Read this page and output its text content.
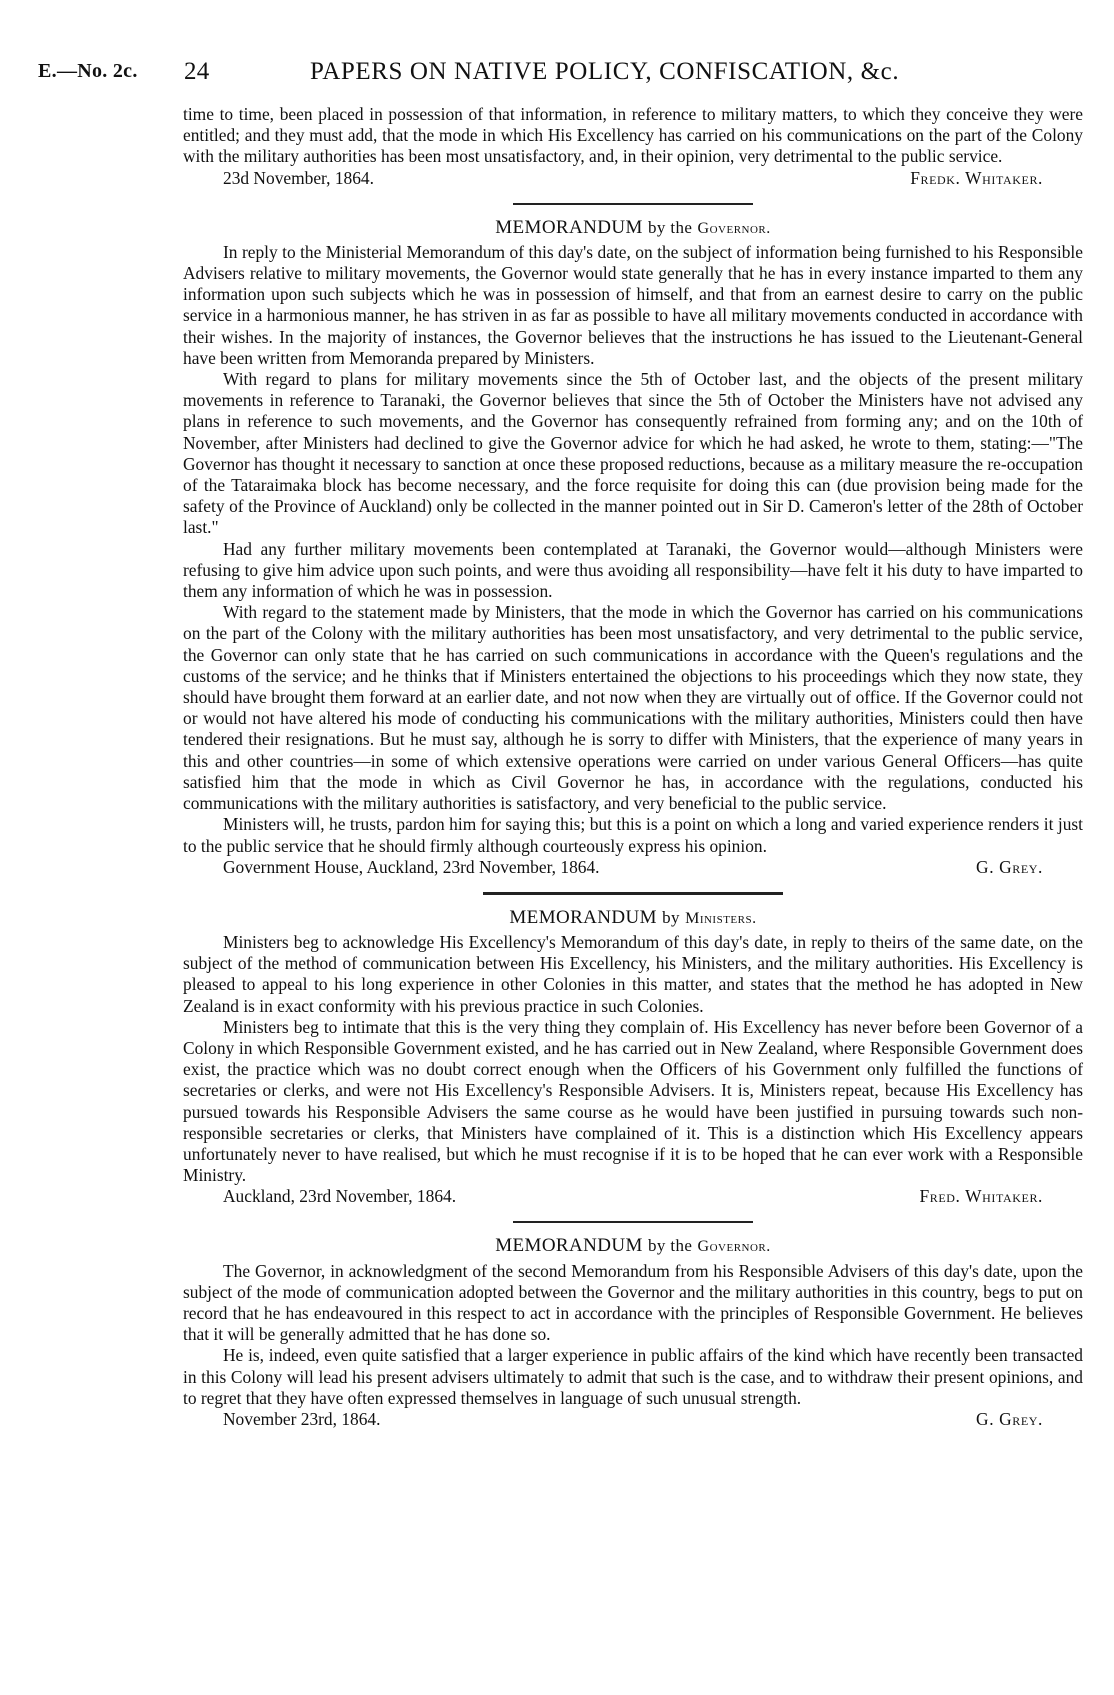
E.—No. 2c. 24	PAPERS ON NATIVE POLICY, CONFISCATION, &c.

time to time, been placed in possession of that information, in reference to military matters, to which they conceive they were entitled; and they must add, that the mode in which His Excellency has carried on his communications on the part of the Colony with the military authorities has been most unsatisfactory, and, in their opinion, very detrimental to the public service.

23d November, 1864.	Fredk. Whitaker.
MEMORANDUM by the Governor.

In reply to the Ministerial Memorandum of this day's date, on the subject of information being furnished to his Responsible Advisers relative to military movements, the Governor would state generally that he has in every instance imparted to them any information upon such subjects which he was in possession of himself, and that from an earnest desire to carry on the public service in a harmonious manner, he has striven in as far as possible to have all military movements conducted in accordance with their wishes. In the majority of instances, the Governor believes that the instructions he has issued to the Lieutenant-General have been written from Memoranda prepared by Ministers.

With regard to plans for military movements since the 5th of October last, and the objects of the present military movements in reference to Taranaki, the Governor believes that since the 5th of October the Ministers have not advised any plans in reference to such movements, and the Governor has consequently refrained from forming any; and on the 10th of November, after Ministers had declined to give the Governor advice for which he had asked, he wrote to them, stating:—"The Governor has thought it necessary to sanction at once these proposed reductions, because as a military measure the re-occupation of the Tataraimaka block has become necessary, and the force requisite for doing this can (due provision being made for the safety of the Province of Auckland) only be collected in the manner pointed out in Sir D. Cameron's letter of the 28th of October last."

Had any further military movements been contemplated at Taranaki, the Governor would—although Ministers were refusing to give him advice upon such points, and were thus avoiding all responsibility—have felt it his duty to have imparted to them any information of which he was in possession.

With regard to the statement made by Ministers, that the mode in which the Governor has carried on his communications on the part of the Colony with the military authorities has been most unsatisfactory, and very detrimental to the public service, the Governor can only state that he has carried on such communications in accordance with the Queen's regulations and the customs of the service; and he thinks that if Ministers entertained the objections to his proceedings which they now state, they should have brought them forward at an earlier date, and not now when they are virtually out of office. If the Governor could not or would not have altered his mode of conducting his communications with the military authorities, Ministers could then have tendered their resignations. But he must say, although he is sorry to differ with Ministers, that the experience of many years in this and other countries—in some of which extensive operations were carried on under various General Officers—has quite satisfied him that the mode in which as Civil Governor he has, in accordance with the regulations, conducted his communications with the military authorities is satisfactory, and very beneficial to the public service.

Ministers will, he trusts, pardon him for saying this; but this is a point on which a long and varied experience renders it just to the public service that he should firmly although courteously express his opinion.

Government House, Auckland, 23rd November, 1864.	G. Grey.
MEMORANDUM by Ministers.

Ministers beg to acknowledge His Excellency's Memorandum of this day's date, in reply to theirs of the same date, on the subject of the method of communication between His Excellency, his Ministers, and the military authorities. His Excellency is pleased to appeal to his long experience in other Colonies in this matter, and states that the method he has adopted in New Zealand is in exact conformity with his previous practice in such Colonies.

Ministers beg to intimate that this is the very thing they complain of. His Excellency has never before been Governor of a Colony in which Responsible Government existed, and he has carried out in New Zealand, where Responsible Government does exist, the practice which was no doubt correct enough when the Officers of his Government only fulfilled the functions of secretaries or clerks, and were not His Excellency's Responsible Advisers. It is, Ministers repeat, because His Excellency has pursued towards his Responsible Advisers the same course as he would have been justified in pursuing towards such non-responsible secretaries or clerks, that Ministers have complained of it. This is a distinction which His Excellency appears unfortunately never to have realised, but which he must recognise if it is to be hoped that he can ever work with a Responsible Ministry.

Auckland, 23rd November, 1864.	Fred. Whitaker.
MEMORANDUM by the Governor.

The Governor, in acknowledgment of the second Memorandum from his Responsible Advisers of this day's date, upon the subject of the mode of communication adopted between the Governor and the military authorities in this country, begs to put on record that he has endeavoured in this respect to act in accordance with the principles of Responsible Government. He believes that it will be generally admitted that he has done so.

He is, indeed, even quite satisfied that a larger experience in public affairs of the kind which have recently been transacted in this Colony will lead his present advisers ultimately to admit that such is the case, and to withdraw their present opinions, and to regret that they have often expressed themselves in language of such unusual strength.

November 23rd, 1864.	G. Grey.
